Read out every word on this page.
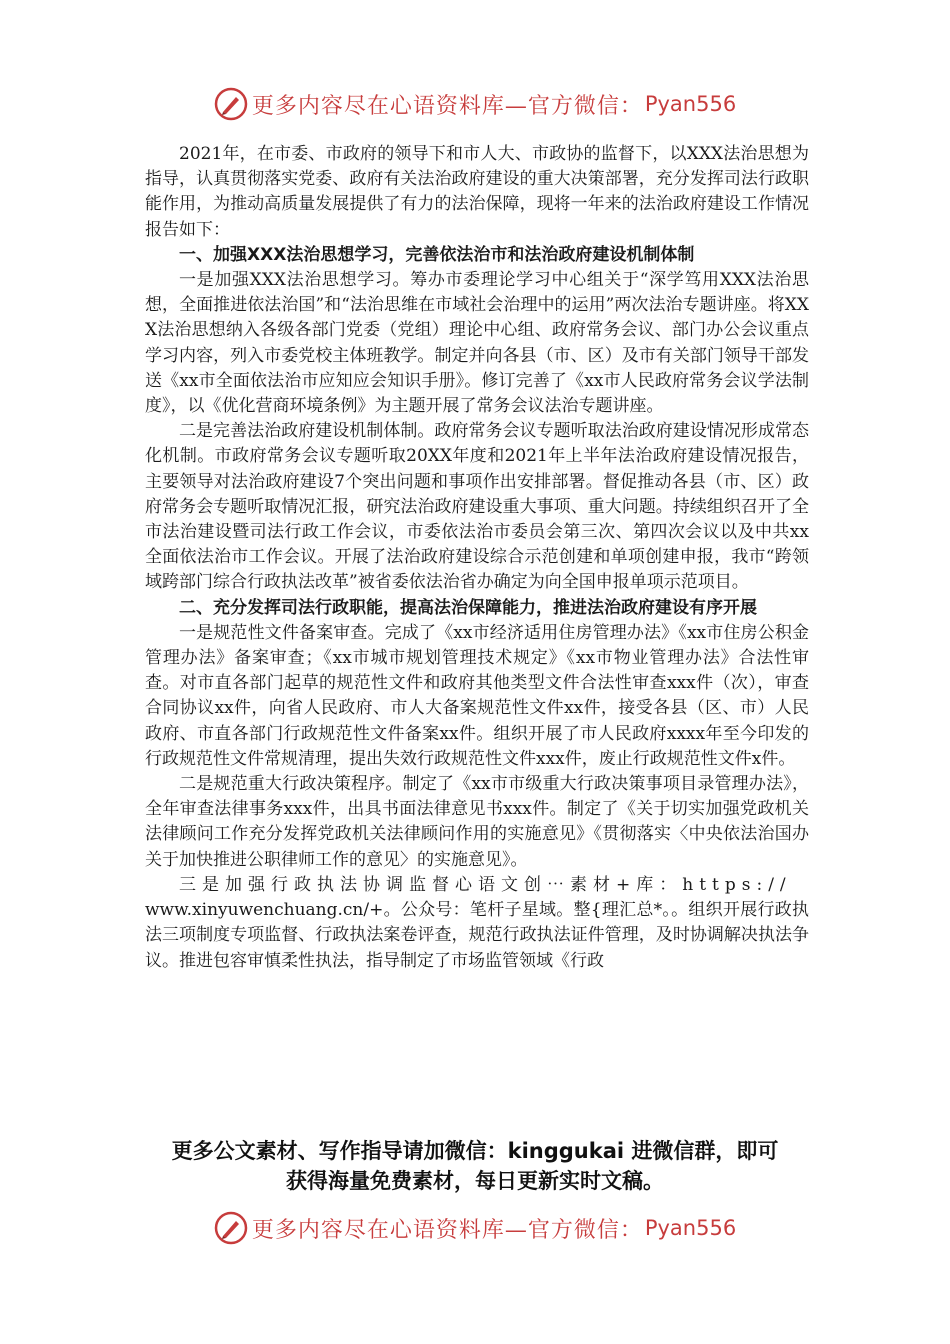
更多内容尽在心语资料库—官方微信： Pyan556

2021年，在市委、市政府的领导下和市人大、市政协的监督下，以XXX法治思想为指导，认真贯彻落实党委、政府有关法治政府建设的重大决策部署，充分发挥司法行政职能作用，为推动高质量发展提供了有力的法治保障，现将一年来的法治政府建设工作情况报告如下：

一、加强XXX法治思想学习，完善依法治市和法治政府建设机制体制

一是加强XXX法治思想学习。筹办市委理论学习中心组关于“深学笃用XXX法治思想，全面推进依法治国”和“法治思维在市域社会治理中的运用”两次法治专题讲座。将XXX法治思想纳入各级各部门党委（党组）理论中心组、政府常务会议、部门办公会议重点学习内容，列入市委党校主体班教学。制定并向各县（市、区）及市有关部门领导干部发送《xx市全面依法治市应知应会知识手册》。修订完善了《xx市人民政府常务会议学法制度》，以《优化营商环境条例》为主题开展了常务会议法治专题讲座。

二是完善法治政府建设机制体制。政府常务会议专题听取法治政府建设情况形成常态化机制。市政府常务会议专题听取20XX年度和2021年上半年法治政府建设情况报告，主要领导对法治政府建设7个突出问题和事项作出安排部署。督促推动各县（市、区）政府常务会专题听取情况汇报，研究法治政府建设重大事项、重大问题。持续组织召开了全市法治建设暨司法行政工作会议，市委依法治市委员会第三次、第四次会议以及中共xx全面依法治市工作会议。开展了法治政府建设综合示范创建和单项创建申报，我市“跨领域跨部门综合行政执法改革”被省委依法治省办确定为向全国申报单项示范项目。

二、充分发挥司法行政职能，提高法治保障能力，推进法治政府建设有序开展

一是规范性文件备案审查。完成了《xx市经济适用住房管理办法》《xx市住房公积金管理办法》备案审查；《xx市城市规划管理技术规定》《xx市物业管理办法》合法性审查。对市直各部门起草的规范性文件和政府其他类型文件合法性审查xxx件（次），审查合同协议xx件，向省人民政府、市人大备案规范性文件xx件，接受各县（区、市）人民政府、市直各部门行政规范性文件备案xx件。组织开展了市人民政府xxxx年至今印发的行政规范性文件常规清理，提出失效行政规范性文件xxx件，废止行政规范性文件x件。

二是规范重大行政决策程序。制定了《xx市市级重大行政决策事项目录管理办法》，全年审查法律事务xxx件，出具书面法律意见书xxx件。制定了《关于切实加强党政机关法律顾问工作充分发挥党政机关法律顾问作用的实施意见》《贯彻落实〈中央依法治国办关于加快推进公职律师工作的意见〉的实施意见》。

三是加强行政执法协调监督心语文创⋯素材+库：https://

www.xinyuwenchuang.cn/+。公众号：笔杆子星域。整{理汇总*。。组织开展行政执法三项制度专项监督、行政执法案卷评查，规范行政执法证件管理，及时协调解决执法争议。推进包容审慎柔性执法，指导制定了市场监管领域《行政

更多公文素材、写作指导请加微信：kinggukai 进微信群，即可
获得海量免费素材，每日更新实时文稿。
更多内容尽在心语资料库—官方微信： Pyan556
